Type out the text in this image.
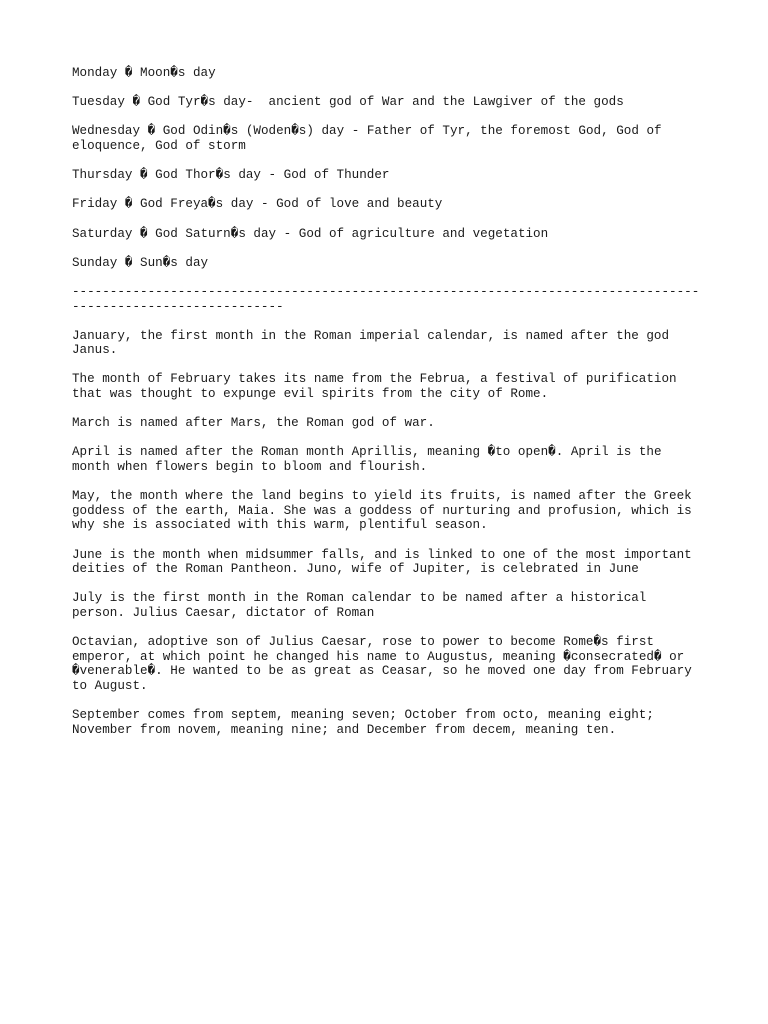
Monday � Moon�s day

Tuesday � God Tyr�s day-  ancient god of War and the Lawgiver of the gods

Wednesday � God Odin�s (Woden�s) day - Father of Tyr, the foremost God, God of eloquence, God of storm

Thursday � God Thor�s day - God of Thunder

Friday � God Freya�s day - God of love and beauty

Saturday � God Saturn�s day - God of agriculture and vegetation

Sunday � Sun�s day

---------------------------------------------------------------------------------------------------------------

January, the first month in the Roman imperial calendar, is named after the god Janus.

The month of February takes its name from the Februa, a festival of purification that was thought to expunge evil spirits from the city of Rome.

March is named after Mars, the Roman god of war.

April is named after the Roman month Aprillis, meaning �to open�. April is the month when flowers begin to bloom and flourish.

May, the month where the land begins to yield its fruits, is named after the Greek goddess of the earth, Maia. She was a goddess of nurturing and profusion, which is why she is associated with this warm, plentiful season.

June is the month when midsummer falls, and is linked to one of the most important deities of the Roman Pantheon. Juno, wife of Jupiter, is celebrated in June

July is the first month in the Roman calendar to be named after a historical person. Julius Caesar, dictator of Roman

Octavian, adoptive son of Julius Caesar, rose to power to become Rome�s first emperor, at which point he changed his name to Augustus, meaning �consecrated� or �venerable�. He wanted to be as great as Ceasar, so he moved one day from February to August.

September comes from septem, meaning seven; October from octo, meaning eight; November from novem, meaning nine; and December from decem, meaning ten.
